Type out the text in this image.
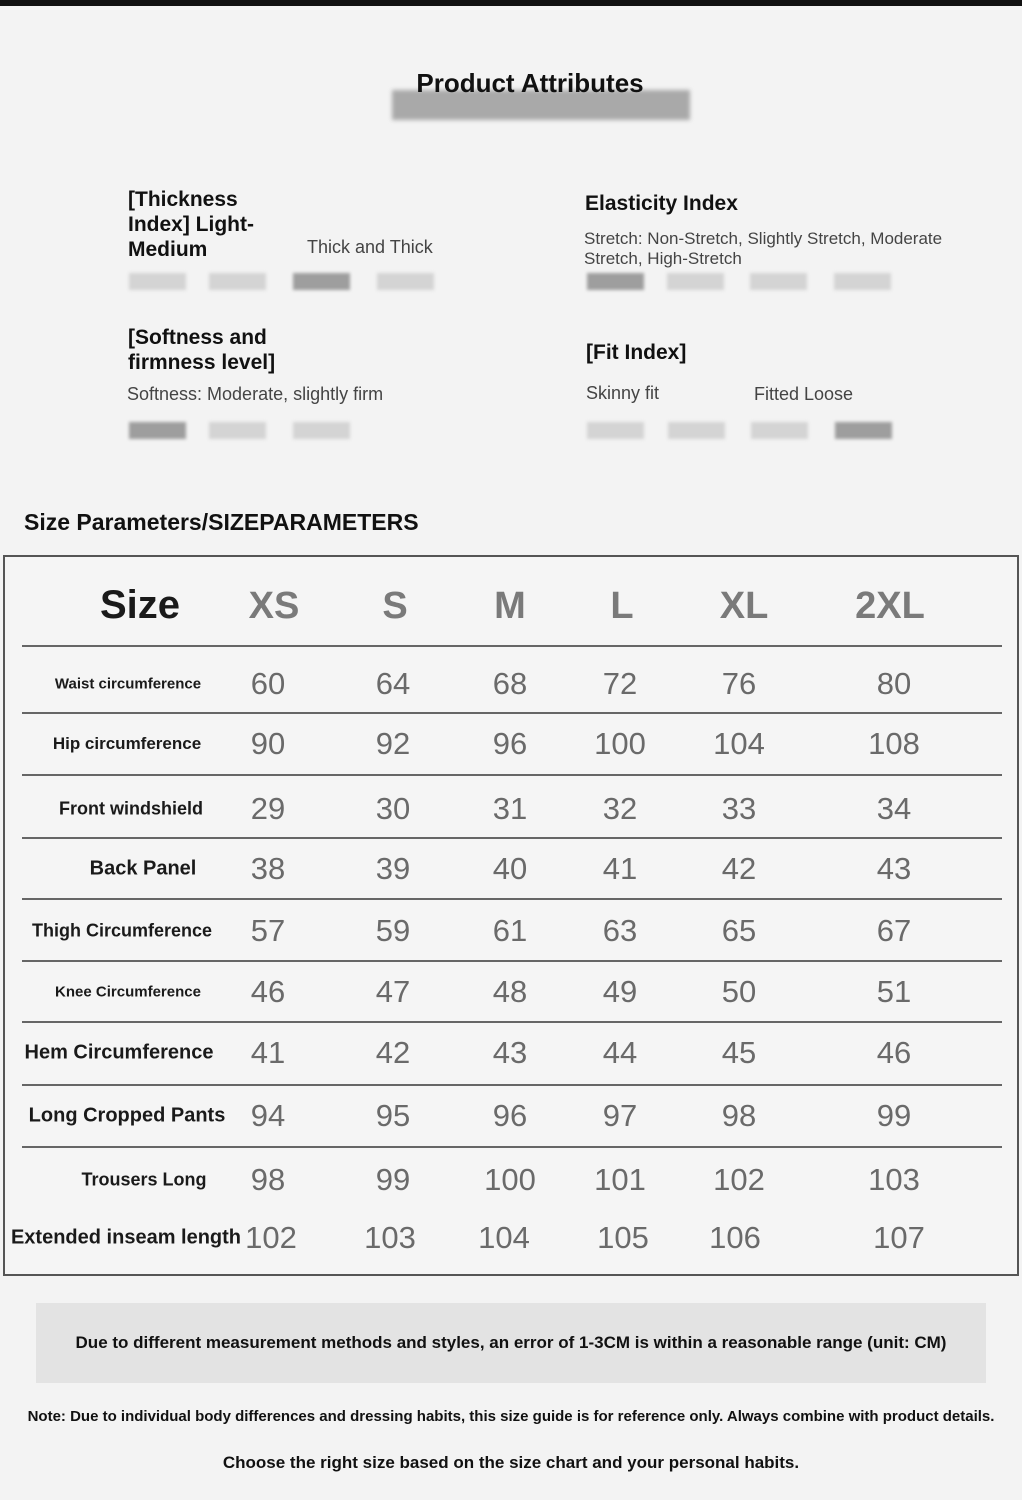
Product Attributes
[Thickness
Index] Light-
Medium	Thick and Thick
Elasticity Index
Stretch: Non-Stretch, Slightly Stretch, Moderate
Stretch, High-Stretch
[Softness and
firmness level]
Softness: Moderate, slightly firm
[Fit Index]
Skinny fit	Fitted Loose
Size Parameters/SIZEPARAMETERS
Size XS S M L XL 2XL
Waist circumference 60	64	68 72	76	80
Hip circumference 90	92	96 100 104	108
Front windshield 29	30	31 32	33	34
Back Panel 38	39	40 41	42	43
Thigh Circumference 57	59	61 63	65	67
Knee Circumference 46	47	48 49	50	51
Hem Circumference 41	42	43 44	45	46
Long Cropped Pants 94	95	96 97	98	99
Trousers Long 98	99 100 101 102	103
Extended inseam length 102 103 104 105 106	107
Due to different measurement methods and styles, an error of 1-3CM is within a reasonable range (unit: CM)
Note: Due to individual body differences and dressing habits, this size guide is for reference only. Always combine with product details.
Choose the right size based on the size chart and your personal habits.
